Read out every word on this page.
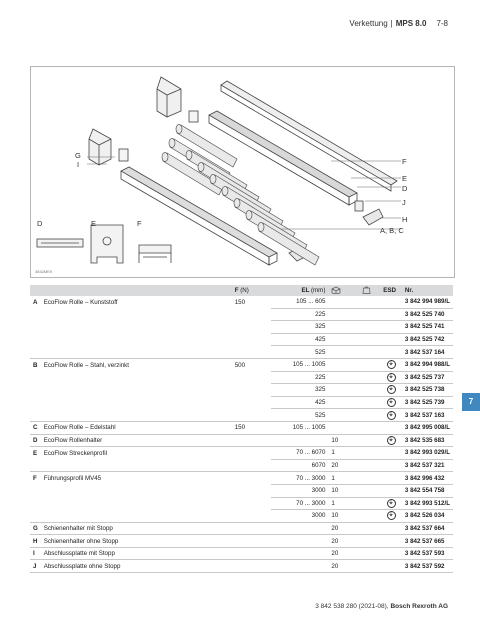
Verkettung | MPS 8.0 7-8
G
I	F
E
D
J
H
A, B, C
D	E	F
3842ME9
		F (N)	EL (mm)			ESD	Nr.
A	EcoFlow Rolle – Kunststoff	150	105 ... 605				3 842 994 989/L
			225				3 842 525 740
			325				3 842 525 741
			425				3 842 525 742
			525				3 842 537 164
B	EcoFlow Rolle – Stahl, verzinkt	500	105 ... 1005			⏚	3 842 994 988/L
			225			⏚	3 842 525 737
			325			⏚	3 842 525 738
			425			⏚	3 842 525 739
			525			⏚	3 842 537 163
C	EcoFlow Rolle – Edelstahl	150	105 ... 1005				3 842 995 008/L
D	EcoFlow Rollenhalter			10		⏚	3 842 535 683
E	EcoFlow Streckenprofil		70 ... 6070	1			3 842 993 029/L
			6070	20			3 842 537 321
F	Führungsprofil MV45		70 ... 3000	1			3 842 996 432
			3000	10			3 842 554 758
			70 ... 3000	1		⏚	3 842 993 512/L
			3000	10		⏚	3 842 526 034
G	Schienenhalter mit Stopp			20			3 842 537 664
H	Schienenhalter ohne Stopp			20			3 842 537 665
I	Abschlussplatte mit Stopp			20			3 842 537 593
J	Abschlussplatte ohne Stopp			20			3 842 537 592
7
3 842 538 280 (2021-08), Bosch Rexroth AG
